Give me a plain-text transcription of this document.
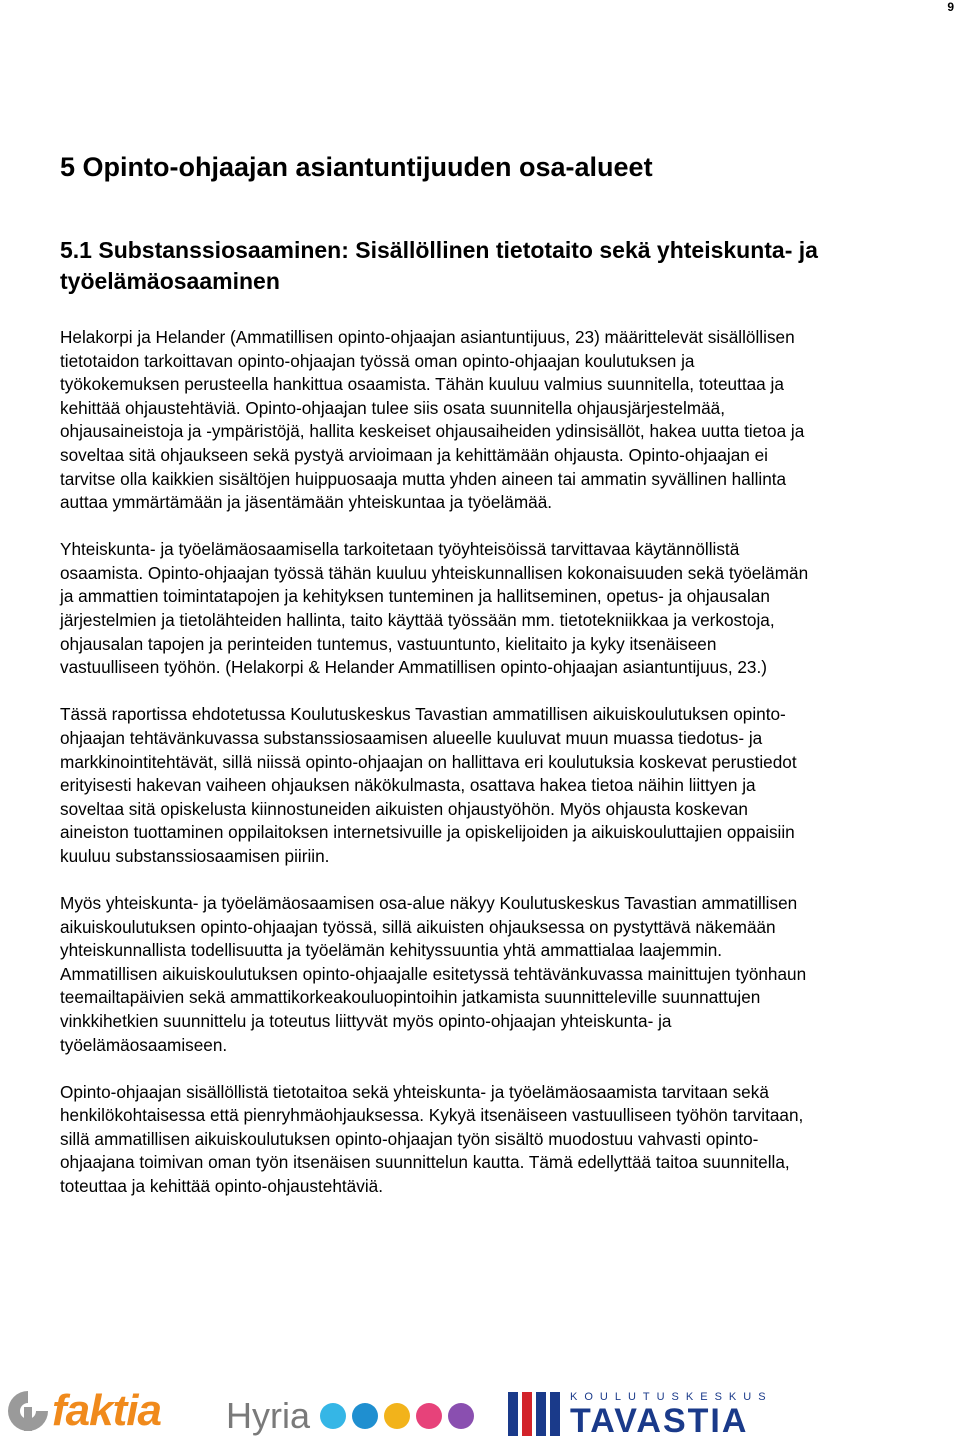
9
5 Opinto-ohjaajan asiantuntijuuden osa-alueet
5.1 Substanssiosaaminen: Sisällöllinen tietotaito sekä yhteiskunta- ja työelämäosaaminen

Helakorpi ja Helander (Ammatillisen opinto-ohjaajan asiantuntijuus, 23) määrittelevät sisällöllisen
tietotaidon tarkoittavan opinto-ohjaajan työssä oman opinto-ohjaajan koulutuksen ja
työkokemuksen perusteella hankittua osaamista. Tähän kuuluu valmius suunnitella, toteuttaa ja
kehittää ohjaustehtäviä. Opinto-ohjaajan tulee siis osata suunnitella ohjausjärjestelmää,
ohjausaineistoja ja -ympäristöjä, hallita keskeiset ohjausaiheiden ydinsisällöt, hakea uutta tietoa ja
soveltaa sitä ohjaukseen sekä pystyä arvioimaan ja kehittämään ohjausta. Opinto-ohjaajan ei
tarvitse olla kaikkien sisältöjen huippuosaaja mutta yhden aineen tai ammatin syvällinen hallinta
auttaa ymmärtämään ja jäsentämään yhteiskuntaa ja työelämää.

Yhteiskunta- ja työelämäosaamisella tarkoitetaan työyhteisöissä tarvittavaa käytännöllistä
osaamista. Opinto-ohjaajan työssä tähän kuuluu yhteiskunnallisen kokonaisuuden sekä työelämän
ja ammattien toimintatapojen ja kehityksen tunteminen ja hallitseminen, opetus- ja ohjausalan
järjestelmien ja tietolähteiden hallinta, taito käyttää työssään mm. tietotekniikkaa ja verkostoja,
ohjausalan tapojen ja perinteiden tuntemus, vastuuntunto, kielitaito ja kyky itsenäiseen
vastuulliseen työhön. (Helakorpi & Helander Ammatillisen opinto-ohjaajan asiantuntijuus, 23.)

Tässä raportissa ehdotetussa Koulutuskeskus Tavastian ammatillisen aikuiskoulutuksen opinto-
ohjaajan tehtävänkuvassa substanssiosaamisen alueelle kuuluvat muun muassa tiedotus- ja
markkinointitehtävät, sillä niissä opinto-ohjaajan on hallittava eri koulutuksia koskevat perustiedot
erityisesti hakevan vaiheen ohjauksen näkökulmasta, osattava hakea tietoa näihin liittyen ja
soveltaa sitä opiskelusta kiinnostuneiden aikuisten ohjaustyöhön. Myös ohjausta koskevan
aineiston tuottaminen oppilaitoksen internetsivuille ja opiskelijoiden ja aikuiskouluttajien oppaisiin
kuuluu substanssiosaamisen piiriin.

Myös yhteiskunta- ja työelämäosaamisen osa-alue näkyy Koulutuskeskus Tavastian ammatillisen
aikuiskoulutuksen opinto-ohjaajan työssä, sillä aikuisten ohjauksessa on pystyttävä näkemään
yhteiskunnallista todellisuutta ja työelämän kehityssuuntia yhtä ammattialaa laajemmin.
Ammatillisen aikuiskoulutuksen opinto-ohjaajalle esitetyssä tehtävänkuvassa mainittujen työnhaun
teemailtapäivien sekä ammattikorkeakouluopintoihin jatkamista suunnitteleville suunnattujen
vinkkihetkien suunnittelu ja toteutus liittyvät myös opinto-ohjaajan yhteiskunta- ja
työelämäosaamiseen.

Opinto-ohjaajan sisällöllistä tietotaitoa sekä yhteiskunta- ja työelämäosaamista tarvitaan sekä
henkilökohtaisessa että pienryhmäohjauksessa. Kykyä itsenäiseen vastuulliseen työhön tarvitaan,
sillä ammatillisen aikuiskoulutuksen opinto-ohjaajan työn sisältö muodostuu vahvasti opinto-
ohjaajana toimivan oman työn itsenäisen suunnittelun kautta. Tämä edellyttää taitoa suunnitella,
toteuttaa ja kehittää opinto-ohjaustehtäviä.

faktia Hyria	KOULUTUSKESKUS
TAVASTIA
